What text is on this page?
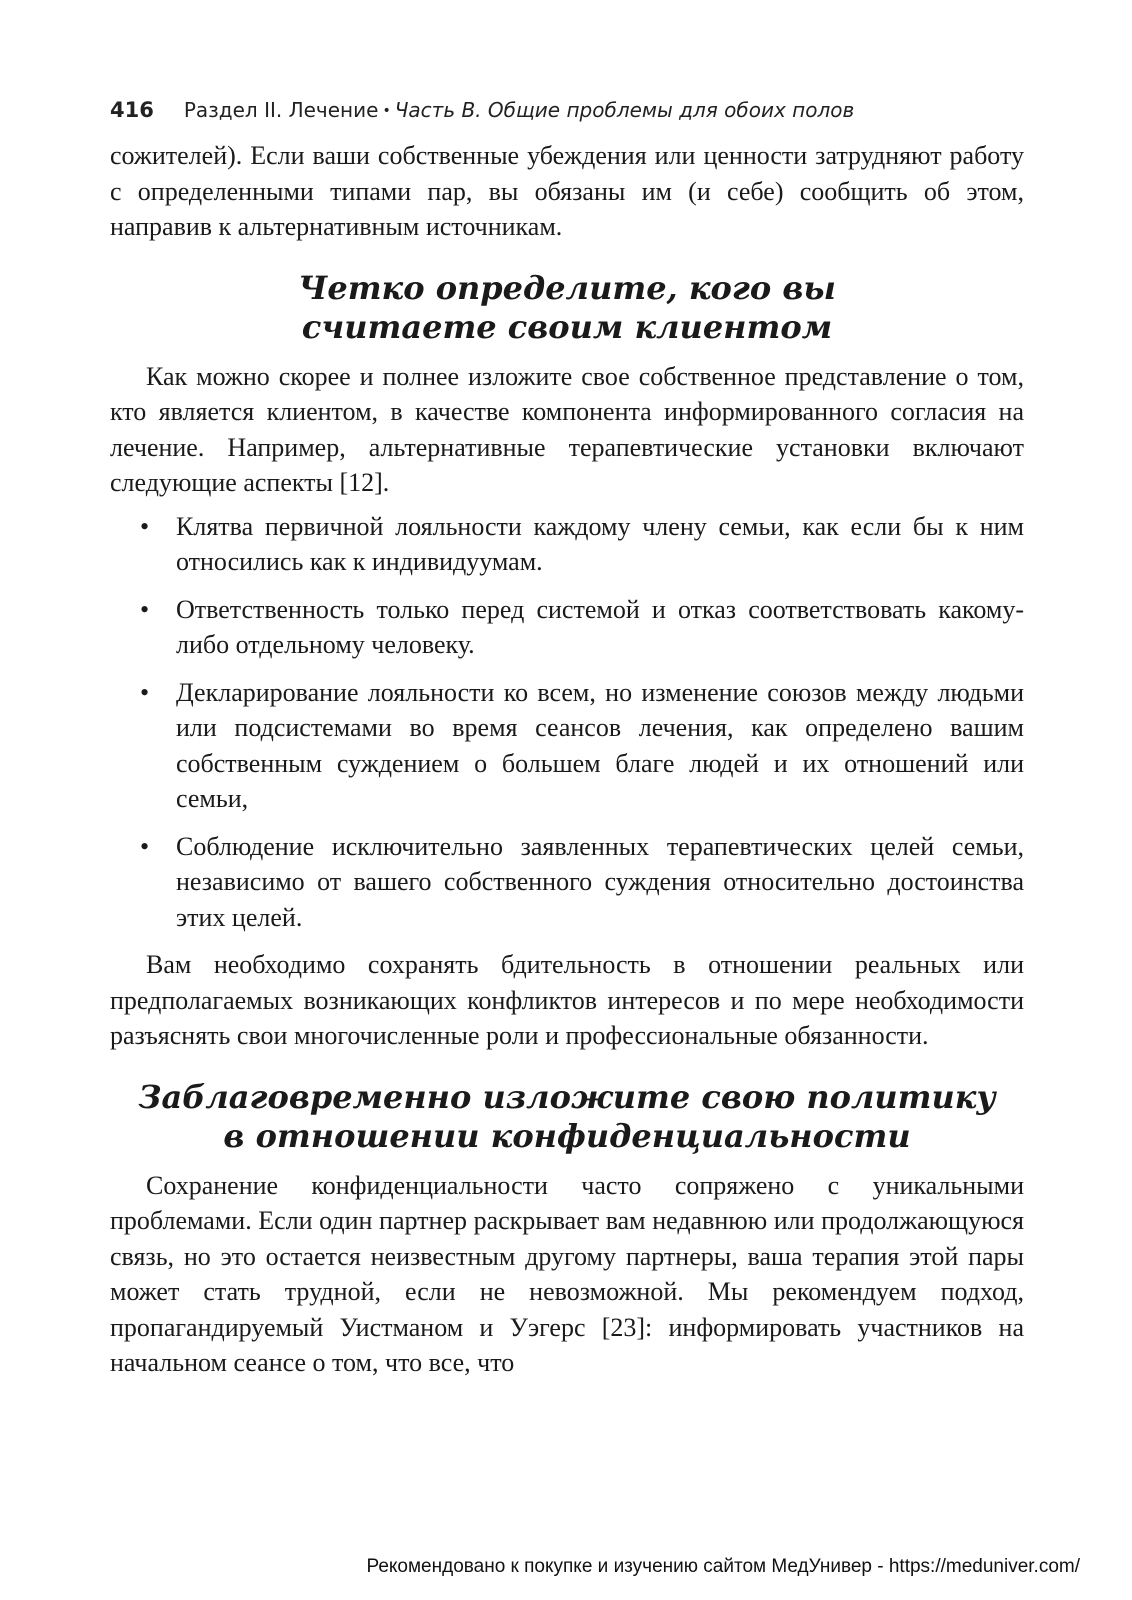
416 Раздел II. Лечение • Часть B. Общие проблемы для обоих полов

сожителей). Если ваши собственные убеждения или ценности затрудняют работу с определенными типами пар, вы обязаны им (и себе) сообщить об этом, направив к альтернативным источникам.

Четко определите, кого вы
считаете своим клиентом

Как можно скорее и полнее изложите свое собственное представление о том, кто является клиентом, в качестве компонента информированного согласия на лечение. Например, альтернативные терапевтические установки включают следующие аспекты [12].

• Клятва первичной лояльности каждому члену семьи, как если бы к ним относились как к индивидуумам.
• Ответственность только перед системой и отказ соответствовать какому-либо отдельному человеку.
• Декларирование лояльности ко всем, но изменение союзов между людьми или подсистемами во время сеансов лечения, как определено вашим собственным суждением о большем благе людей и их отношений или семьи,
• Соблюдение исключительно заявленных терапевтических целей семьи, независимо от вашего собственного суждения относительно достоинства этих целей.

Вам необходимо сохранять бдительность в отношении реальных или предполагаемых возникающих конфликтов интересов и по мере необходимости разъяснять свои многочисленные роли и профессиональные обязанности.

Заблаговременно изложите свою политику
в отношении конфиденциальности

Сохранение конфиденциальности часто сопряжено с уникальными проблемами. Если один партнер раскрывает вам недавнюю или продолжающуюся связь, но это остается неизвестным другому партнеры, ваша терапия этой пары может стать трудной, если не невозможной. Мы рекомендуем подход, пропагандируемый Уистманом и Уэгерс [23]: информировать участников на начальном сеансе о том, что все, что

Рекомендовано к покупке и изучению сайтом МедУнивер - https://meduniver.com/
